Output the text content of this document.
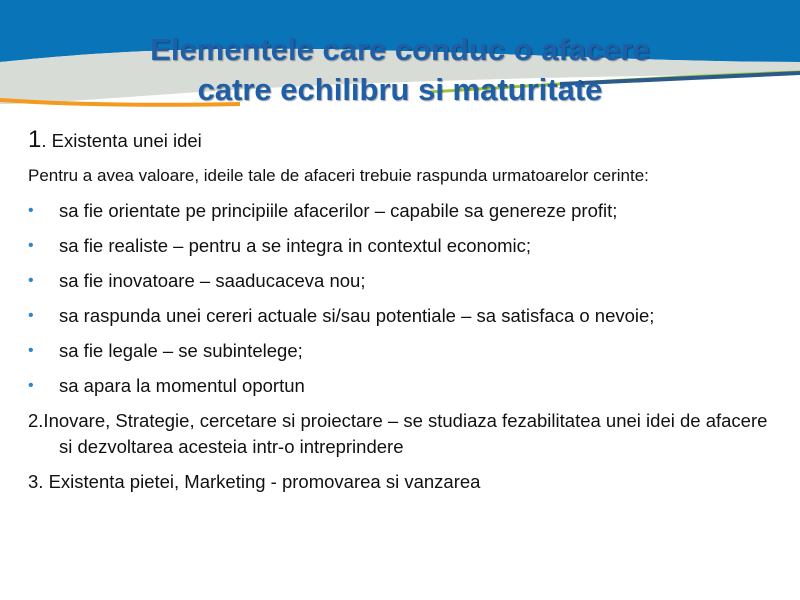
Elementele care conduc o afacere
catre echilibru si maturitate

1. Existenta unei idei

Pentru a avea valoare, ideile tale de afaceri trebuie raspunda urmatoarelor cerinte:

• sa fie orientate pe principiile afacerilor – capabile sa genereze profit;
• sa fie realiste – pentru a se integra in contextul economic;
• sa fie inovatoare – saaducaceva nou;
• sa raspunda unei cereri actuale si/sau potentiale – sa satisfaca o nevoie;
• sa fie legale – se subintelege;
• sa apara la momentul oportun

2.Inovare, Strategie, cercetare si proiectare – se studiaza fezabilitatea unei idei de afacere si dezvoltarea acesteia intr-o intreprindere

3. Existenta pietei, Marketing - promovarea si vanzarea
